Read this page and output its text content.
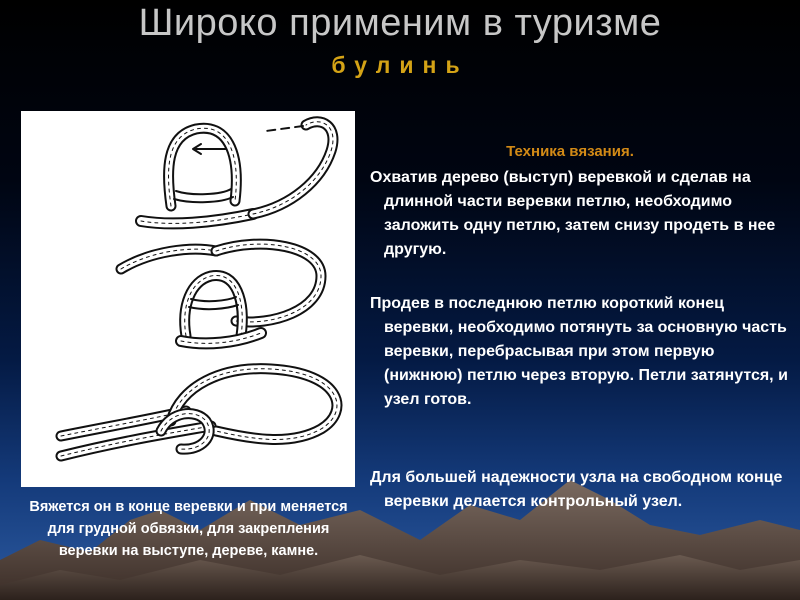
Широко применим в туризме
булинь
Техника вязания.

Охватив дерево (выступ) веревкой и сделав на длинной части веревки петлю, необходимо заложить одну петлю, затем снизу продеть в нее другую.

Продев в последнюю петлю короткий конец веревки, необходимо потянуть за основную часть веревки, перебрасывая при этом первую (нижнюю) петлю через вторую. Петли затянутся, и узел готов.

Для большей надежности узла на свободном конце веревки делается контрольный узел.

Вяжется он в конце веревки и при меняется для грудной обвязки, для закрепления веревки на выступе, дереве, камне.
